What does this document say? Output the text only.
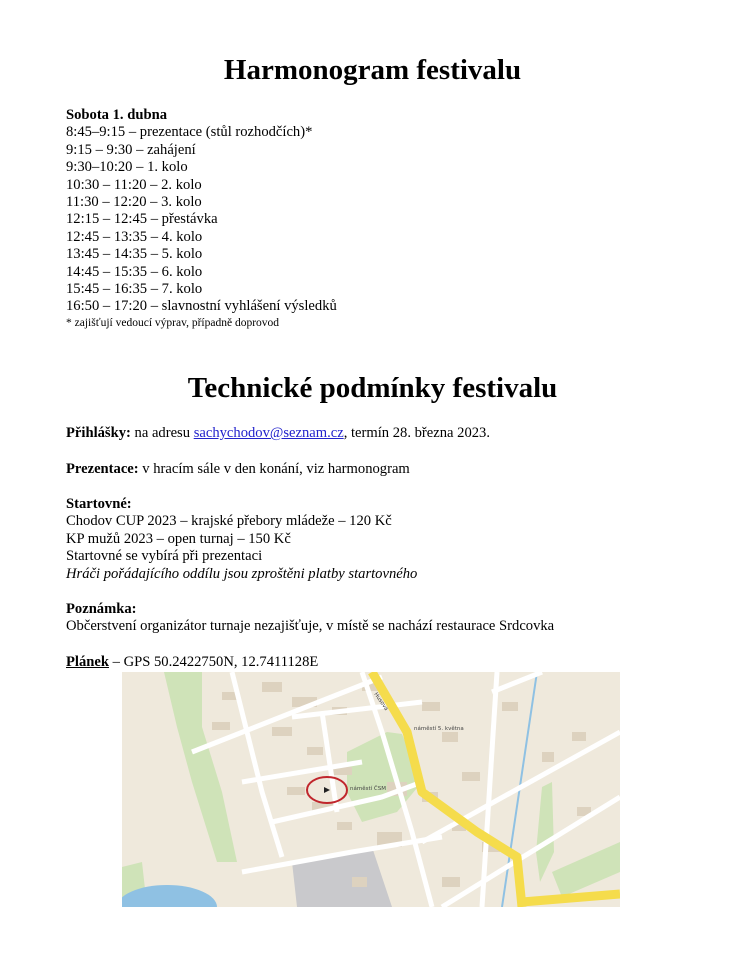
Harmonogram festivalu
Sobota 1. dubna
8:45–9:15 – prezentace (stůl rozhodčích)*
9:15 – 9:30 – zahájení
9:30–10:20 – 1. kolo
10:30 – 11:20 – 2. kolo
11:30 – 12:20 – 3. kolo
12:15 – 12:45 – přestávka
12:45 – 13:35 – 4. kolo
13:45 – 14:35 – 5. kolo
14:45 – 15:35 – 6. kolo
15:45 – 16:35 – 7. kolo
16:50 – 17:20 – slavnostní vyhlášení výsledků
* zajišťují vedoucí výprav, případně doprovod
Technické podmínky festivalu
Přihlášky: na adresu sachychodov@seznam.cz, termín 28. března 2023.
Prezentace: v hracím sále v den konání, viz harmonogram
Startovné:
Chodov CUP 2023 – krajské přebory mládeže – 120 Kč
KP mužů 2023 – open turnaj – 150 Kč
Startovné se vybírá při prezentaci
Hráči pořádajícího oddílu jsou zproštěni platby startovného
Poznámka:
Občerstvení organizátor turnaje nezajišťuje, v místě se nachází restaurace Srdcovka
Plánek – GPS 50.2422750N, 12.7411128E
náměstí 5. května
náměstí ČSM
Husova
